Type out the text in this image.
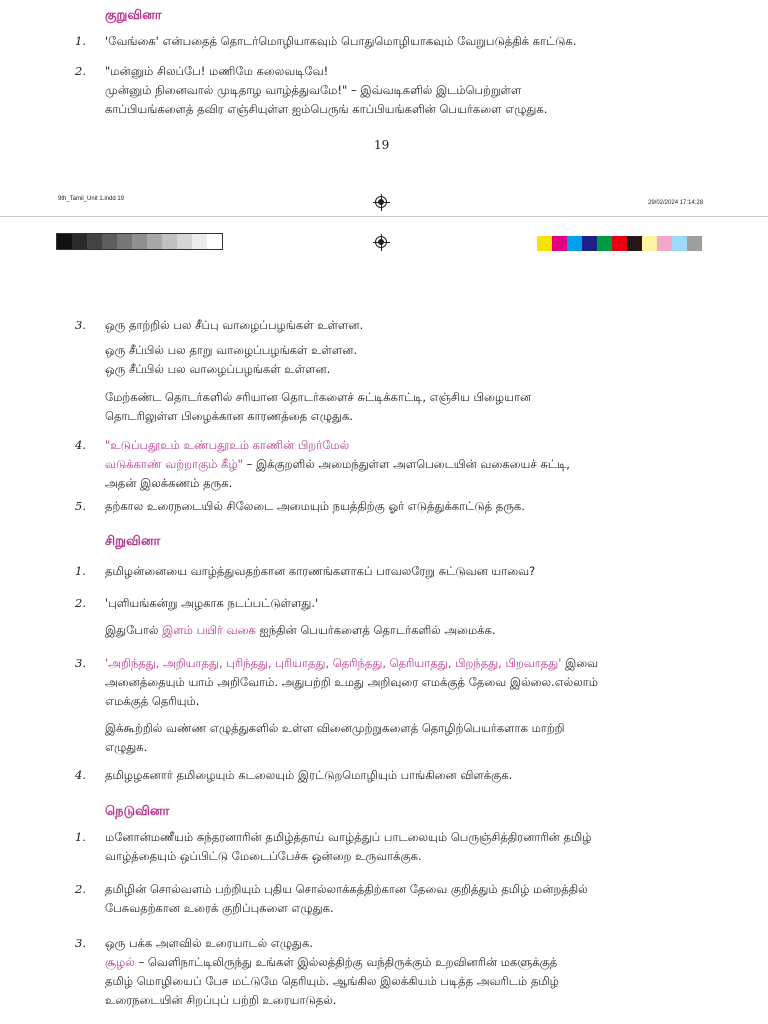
குறுவினா
1. 'வேங்கை' என்பதைத் தொடர்மொழியாகவும் பொதுமொழியாகவும் வேறுபடுத்திக் காட்டுக.
2. "மன்னும் சிலப்பே! மணிமே கலைவடிவே!
முன்னும் நினைவால் முடிதாழ வாழ்த்துவமே!" – இவ்வடிகளில் இடம்பெற்றுள்ள
காப்பியங்களைத் தவிர எஞ்சியுள்ள ஐம்பெருங் காப்பியங்களின் பெயர்களை எழுதுக.
19
9th_Tamil_Unit 1.indd 19
29/02/2024 17:14:28
3. ஒரு தாற்றில் பல சீப்பு வாழைப்பழங்கள் உள்ளன.
ஒரு சீப்பில் பல தாறு வாழைப்பழங்கள் உள்ளன.
ஒரு சீப்பில் பல வாழைப்பழங்கள் உள்ளன.
மேற்கண்ட தொடர்களில் சரியான தொடர்களைச் சுட்டிக்காட்டி, எஞ்சிய பிழையான
தொடரிலுள்ள பிழைக்கான காரணத்தை எழுதுக.
4. "உடுப்பதூஉம் உண்பதூஉம் காணின் பிறர்மேல்
வடுக்காண் வற்றாகும் கீழ்" – இக்குறளில் அமைந்துள்ள அளபெடையின் வகையைச் சுட்டி,
அதன் இலக்கணம் தருக.
5. தற்கால உரைநடையில் சிலேடை அமையும் நயத்திற்கு ஓர் எடுத்துக்காட்டுத் தருக.
சிறுவினா
1. தமிழன்னையை வாழ்த்துவதற்கான காரணங்களாகப் பாவலரேறு சுட்டுவன யாவை?
2. 'புளியங்கன்று அழகாக நடப்பட்டுள்ளது.'
இதுபோல் இளம் பயிர் வகை ஐந்தின் பெயர்களைத் தொடர்களில் அமைக்க.
3. 'அறிந்தது, அறியாதது, புரிந்தது, புரியாதது, தெரிந்தது, தெரியாதது, பிறந்தது, பிறவாதது' இவை
அனைத்தையும் யாம் அறிவோம். அதுபற்றி உமது அறிவுரை எமக்குத் தேவை இல்லை.எல்லாம்
எமக்குத் தெரியும்.
இக்கூற்றில் வண்ண எழுத்துகளில் உள்ள வினைமுற்றுகளைத் தொழிற்பெயர்களாக மாற்றி
எழுதுக.
4. தமிழழகனார் தமிழையும் கடலையும் இரட்டுறமொழியும் பாங்கினை விளக்குக.
நெடுவினா
1. மனோன்மணீயம் சுந்தரனாரின் தமிழ்த்தாய் வாழ்த்துப் பாடலையும் பெருஞ்சித்திரனாரின் தமிழ்
வாழ்த்தையும் ஒப்பிட்டு மேடைப்பேச்சு ஒன்றை உருவாக்குக.
2. தமிழின் சொல்வளம் பற்றியும் புதிய சொல்லாக்கத்திற்கான தேவை குறித்தும் தமிழ் மன்றத்தில்
பேசுவதற்கான உரைக் குறிப்புகளை எழுதுக.
3. ஒரு பக்க அளவில் உரையாடல் எழுதுக.
சூழல் – வெளிநாட்டிலிருந்து உங்கள் இல்லத்திற்கு வந்திருக்கும் உறவினரின் மகளுக்குத்
தமிழ் மொழியைப் பேச மட்டுமே தெரியும். ஆங்கில இலக்கியம் படித்த அவரிடம் தமிழ்
உரைநடையின் சிறப்புப் பற்றி உரையாடுதல்.
